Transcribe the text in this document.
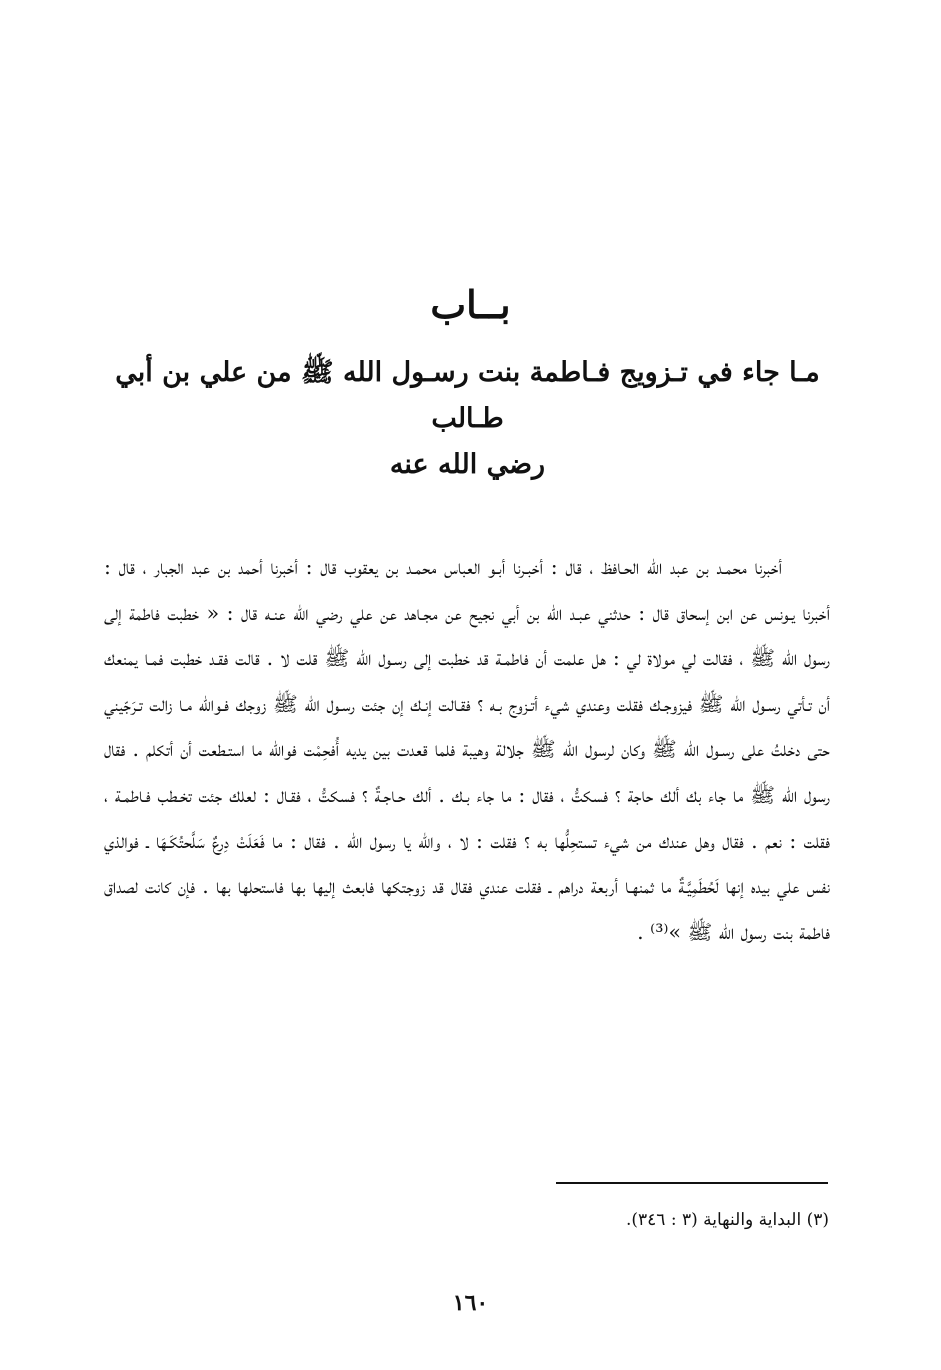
بــاب
مـا جاء في تـزويج فـاطمة بنت رسـول الله ﷺ من علي بن أبي طـالب
رضي الله عنه

أخبرنا محمـد بن عبد الله الحـافظ ، قال : أخبـرنا أبـو العباس محمـد بن يعقوب قال : أخبرنا أحمد بن عبد الجبار ، قال : أخبرنا يـونس عن ابن إسحاق قال : حدثني عبـد الله بن أبي نجيح عن مجـاهد عن علي رضي الله عنـه قال : « خطبت فاطمة إلى رسول الله ﷺ ، فقالت لي مولاة لي : هل علمت أن فاطمـة قد خطبت إلى رسـول الله ﷺ قلت لا . قالت فقـد خطبت فمـا يمنعك أن تـأتي رسـول الله ﷺ فيزوجـك فقلت وعندي شيء أتـزوج بـه ؟ فقـالت إنـك إن جئت رسـول الله ﷺ زوجك فـوالله مـا زالت تـرَجّيني حتى دخلتُ على رسـول الله ﷺ وكان لرسول الله ﷺ جلالة وهيبة فلما قعدت بين يديه أُفحِمْت فوالله ما استـطعت أن أتكلم . فقال رسول الله ﷺ ما جاء بك ألك حاجة ؟ فسكتُّ ، فقال : ما جاء بـك . ألك حـاجـةٌ ؟ فسكتُّ ، فقـال : لعلك جئت تخـطب فـاطمـة ، فقلت : نعم . فقال وهل عندك من شيء تستحِلُّها به ؟ فقلت : لا ، والله يا رسول الله . فقال : ما فَعَلَتْ دِرعٌ سَلَّحتُكَـهَا ـ فوالذي نفس علي بيده إنها لَحُطَمِيَّـةٌ ما ثمنهـا أربعة دراهم ـ فقلت عندي فقال قد زوجتكها فابعث إليها بها فاستحلها بها . فإن كانت لصداق فاطمة بنت رسول الله ﷺ »⁽³⁾ .

(٣) البداية والنهاية (٣ : ٣٤٦).

١٦٠
